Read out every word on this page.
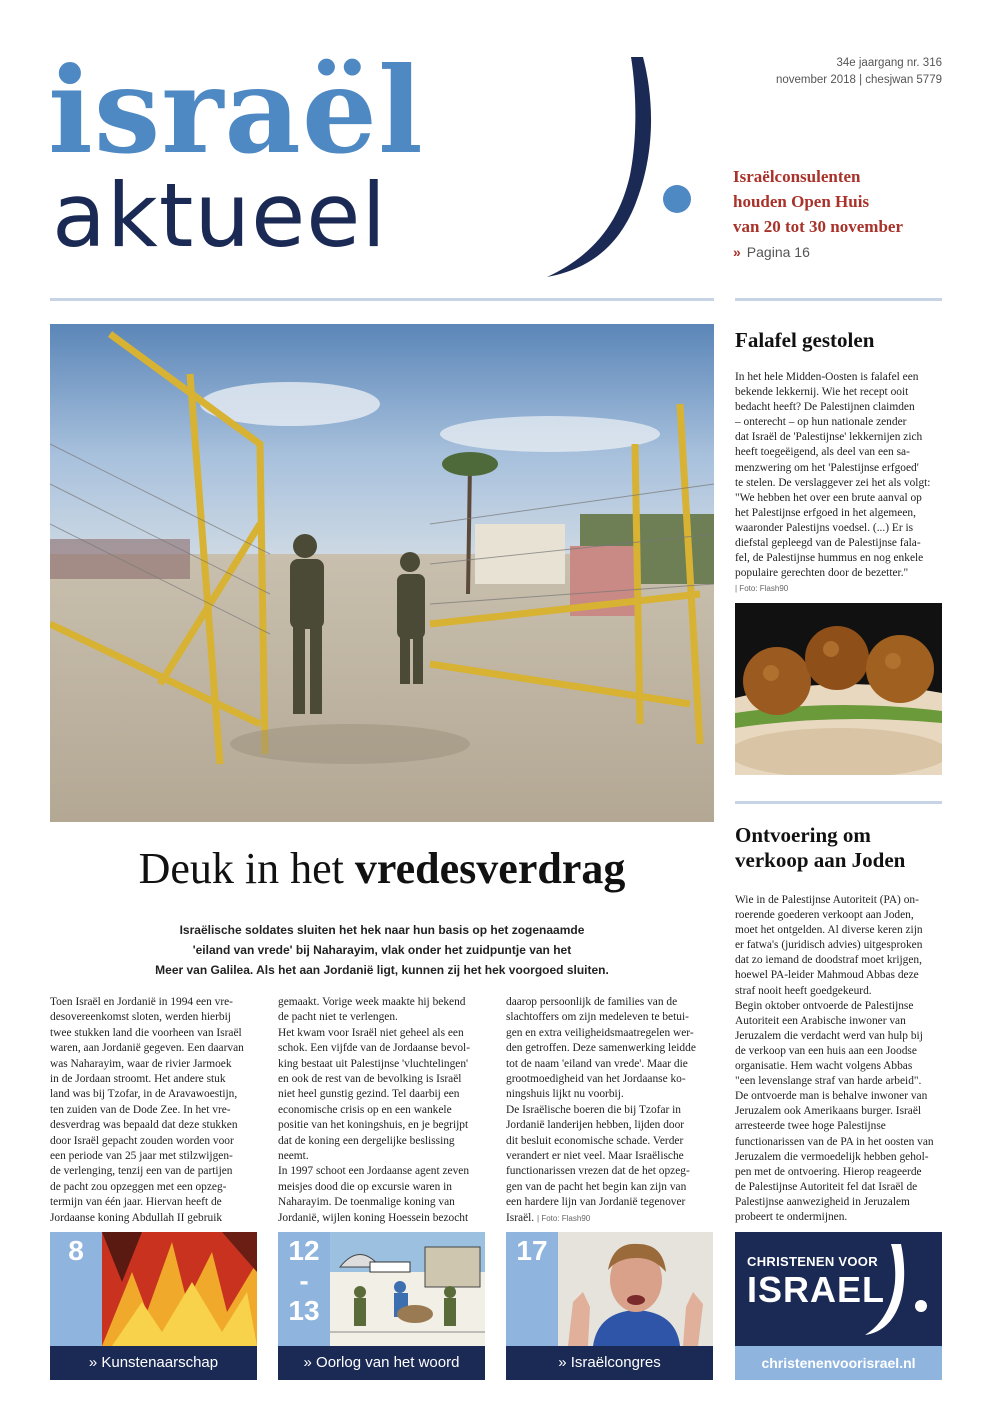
israël
aktueel
34e jaargang nr. 316
november 2018 | chesjwan 5779
Israëlconsulenten
houden Open Huis
van 20 tot 30 november
» Pagina 16
Deuk in het vredesverdrag
Israëlische soldates sluiten het hek naar hun basis op het zogenaamde
'eiland van vrede' bij Naharayim, vlak onder het zuidpuntje van het
Meer van Galilea. Als het aan Jordanië ligt, kunnen zij het hek voorgoed sluiten.

Toen Israël en Jordanië in 1994 een vre-

desovereenkomst sloten, werden hierbij

twee stukken land die voorheen van Israël

waren, aan Jordanië gegeven. Een daarvan

was Naharayim, waar de rivier Jarmoek

in de Jordaan stroomt. Het andere stuk

land was bij Tzofar, in de Aravawoestijn,

ten zuiden van de Dode Zee. In het vre-

desverdrag was bepaald dat deze stukken

door Israël gepacht zouden worden voor

een periode van 25 jaar met stilzwijgen-

de verlenging, tenzij een van de partijen

de pacht zou opzeggen met een opzeg-

termijn van één jaar. Hiervan heeft de

Jordaanse koning Abdullah II gebruik

gemaakt. Vorige week maakte hij bekend

de pacht niet te verlengen.

Het kwam voor Israël niet geheel als een

schok. Een vijfde van de Jordaanse bevol-

king bestaat uit Palestijnse 'vluchtelingen'

en ook de rest van de bevolking is Israël

niet heel gunstig gezind. Tel daarbij een

economische crisis op en een wankele

positie van het koningshuis, en je begrijpt

dat de koning een dergelijke beslissing

neemt.

In 1997 schoot een Jordaanse agent zeven

meisjes dood die op excursie waren in

Naharayim. De toenmalige koning van

Jordanië, wijlen koning Hoessein bezocht

daarop persoonlijk de families van de

slachtoffers om zijn medeleven te betui-

gen en extra veiligheidsmaatregelen wer-

den getroffen. Deze samenwerking leidde

tot de naam 'eiland van vrede'. Maar die

grootmoedigheid van het Jordaanse ko-

ningshuis lijkt nu voorbij.

De Israëlische boeren die bij Tzofar in

Jordanië landerijen hebben, lijden door

dit besluit economische schade. Verder

verandert er niet veel. Maar Israëlische

functionarissen vrezen dat de het opzeg-

gen van de pacht het begin kan zijn van

een hardere lijn van Jordanië tegenover

Israël. | Foto: Flash90

Falafel gestolen
In het hele Midden-Oosten is falafel een
bekende lekkernij. Wie het recept ooit
bedacht heeft? De Palestijnen claimden
– onterecht – op hun nationale zender
dat Israël de 'Palestijnse' lekkernijen zich
heeft toegeëigend, als deel van een sa-
menzwering om het 'Palestijnse erfgoed'
te stelen. De verslaggever zei het als volgt:
"We hebben het over een brute aanval op
het Palestijnse erfgoed in het algemeen,
waaronder Palestijns voedsel. (...) Er is
diefstal gepleegd van de Palestijnse fala-
fel, de Palestijnse hummus en nog enkele
populaire gerechten door de bezetter."
| Foto: Flash90
Ontvoering om
verkoop aan Joden
Wie in de Palestijnse Autoriteit (PA) on-
roerende goederen verkoopt aan Joden,
moet het ontgelden. Al diverse keren zijn
er fatwa's (juridisch advies) uitgesproken
dat zo iemand de doodstraf moet krijgen,
hoewel PA-leider Mahmoud Abbas deze
straf nooit heeft goedgekeurd.
Begin oktober ontvoerde de Palestijnse
Autoriteit een Arabische inwoner van
Jeruzalem die verdacht werd van hulp bij
de verkoop van een huis aan een Joodse
organisatie. Hem wacht volgens Abbas
"een levenslange straf van harde arbeid".
De ontvoerde man is behalve inwoner van
Jeruzalem ook Amerikaans burger. Israël
arresteerde twee hoge Palestijnse
functionarissen van de PA in het oosten van
Jeruzalem die vermoedelijk hebben gehol-
pen met de ontvoering. Hierop reageerde
de Palestijnse Autoriteit fel dat Israël de
Palestijnse aanwezigheid in Jeruzalem
probeert te ondermijnen.
8
» Kunstenaarschap
12
-
13
» Oorlog van het woord
17
» Israëlcongres
CHRISTENEN VOOR
ISRAEL
christenenvoorisrael.nl
